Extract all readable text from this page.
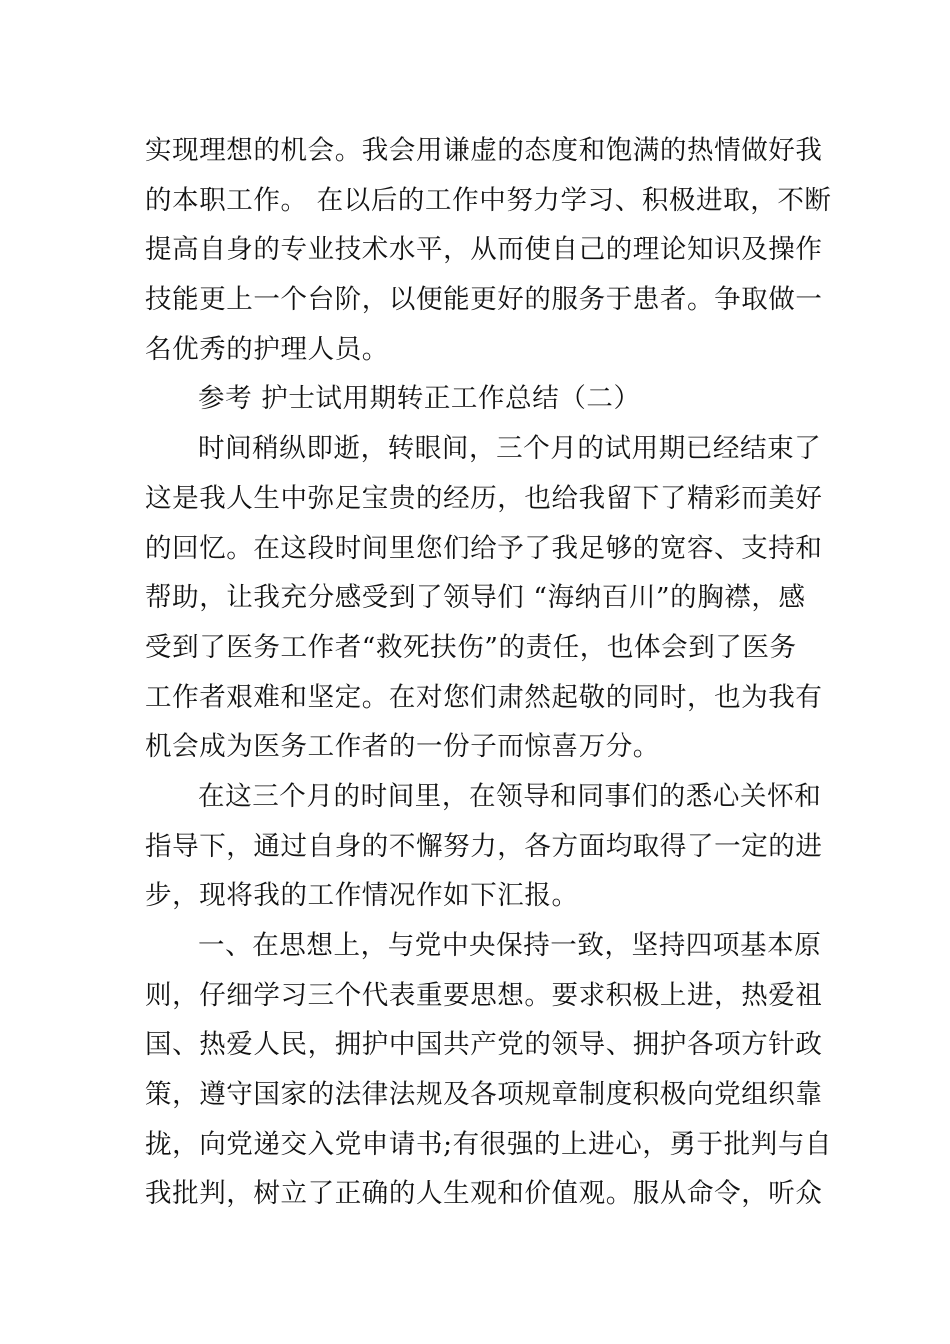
实现理想的机会。我会用谦虚的态度和饱满的热情做好我
的本职工作。 在以后的工作中努力学习、积极进取，不断
提高自身的专业技术水平，从而使自己的理论知识及操作
技能更上一个台阶，以便能更好的服务于患者。争取做一
名优秀的护理人员。
参考 护士试用期转正工作总结（二）
时间稍纵即逝，转眼间，三个月的试用期已经结束了
这是我人生中弥足宝贵的经历，也给我留下了精彩而美好
的回忆。在这段时间里您们给予了我足够的宽容、支持和
帮助，让我充分感受到了领导们 “海纳百川”的胸襟，感
受到了医务工作者“救死扶伤”的责任，也体会到了医务
工作者艰难和坚定。在对您们肃然起敬的同时，也为我有
机会成为医务工作者的一份子而惊喜万分。
在这三个月的时间里，在领导和同事们的悉心关怀和
指导下，通过自身的不懈努力，各方面均取得了一定的进
步，现将我的工作情况作如下汇报。
一、在思想上，与党中央保持一致，坚持四项基本原
则，仔细学习三个代表重要思想。要求积极上进，热爱祖
国、热爱人民，拥护中国共产党的领导、拥护各项方针政
策，遵守国家的法律法规及各项规章制度积极向党组织靠
拢，向党递交入党申请书;有很强的上进心，勇于批判与自
我批判，树立了正确的人生观和价值观。服从命令，听众
